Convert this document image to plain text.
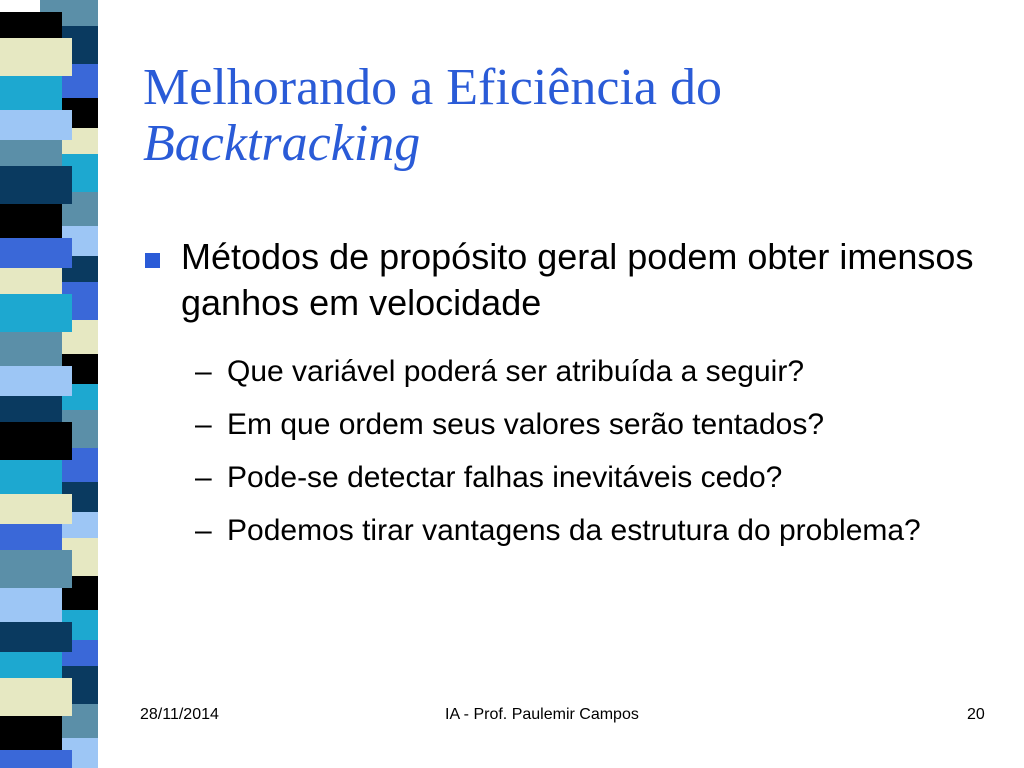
Melhorando a Eficiência do
Backtracking
Métodos de propósito geral podem obter imensos ganhos em velocidade
– Que variável poderá ser atribuída a seguir?
– Em que ordem seus valores serão tentados?
– Pode-se detectar falhas inevitáveis cedo?
– Podemos tirar vantagens da estrutura do problema?
28/11/2014	IA - Prof. Paulemir Campos	20
